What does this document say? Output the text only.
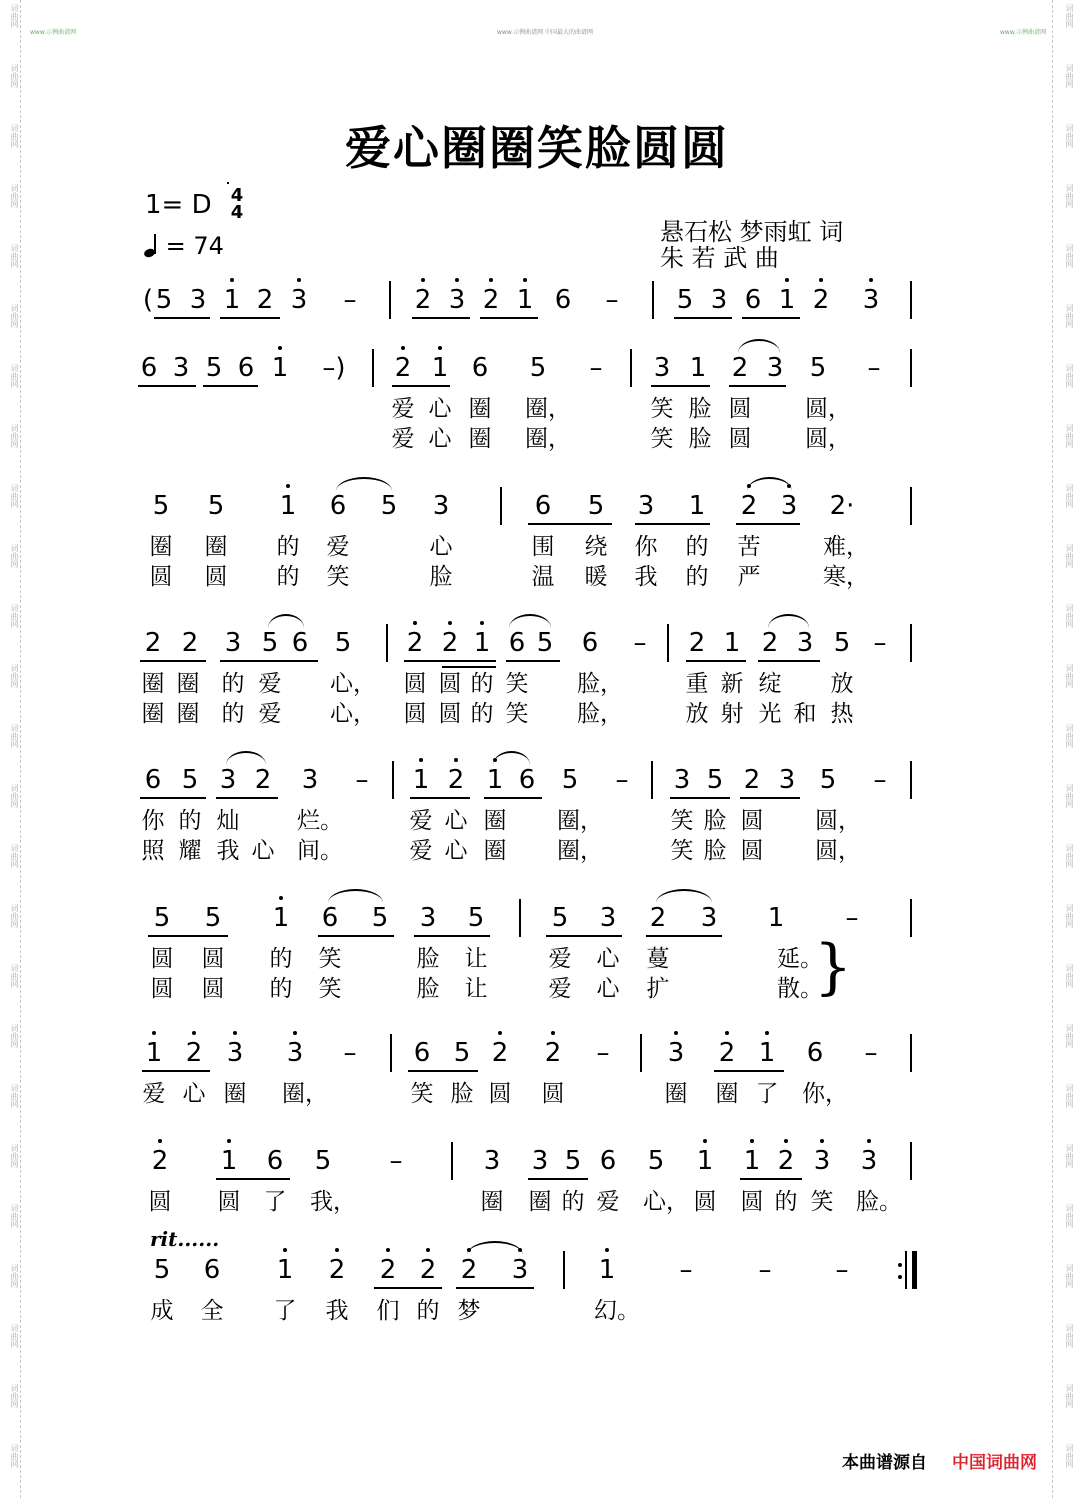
词曲网
词曲网
词曲网
词曲网
词曲网
词曲网
词曲网
词曲网
词曲网
词曲网
词曲网
词曲网
词曲网
词曲网
词曲网
词曲网
词曲网
词曲网
词曲网
词曲网
词曲网
词曲网
词曲网
词曲网
词曲网
词曲网
词曲网
词曲网
词曲网
词曲网
词曲网
词曲网
词曲网
词曲网
词曲网
词曲网
词曲网
词曲网
词曲网
词曲网
词曲网
词曲网
词曲网
词曲网
词曲网
词曲网
词曲网
词曲网
词曲网
词曲网
www.示例曲谱网	www.示例曲谱网 中国最大的曲谱网	www.示例曲谱网
爱心圈圈笑脸圆圆
1= D 4
4
= 74	悬石松 梦雨虹 词
朱 若 武 曲
( 5 3 1 2 3 – 2 3 2 1 6 – 5 3 6 1 2 3
6 3 5 6 1	–)	2 1 6 5 – 3 1 2 3 5 –
爱 心 圈 圈，	笑 脸 圆 圆，
爱 心 圈 圈，	笑 脸 圆 圆，
5 5 1 6 5 3	6 5 3 1 2 3 2·
圈 圈 的 爱	心	围 绕 你 的 苦	难，
圆 圆 的 笑	脸	温 暖 我 的 严	寒，
2 2 3 5 6 5 2 2 1 6 5 6 – 2 1 2 3 5 –
圈 圈 的 爱 心， 圆 圆 的 笑 脸，	重 新 绽 放
圈 圈 的 爱 心， 圆 圆 的 笑 脸，	放 射 光 和 热
6 5 3 2 3 – 1 2 1 6 5 – 3 5 2 3 5 –
你 的 灿	烂。	爱 心 圈 圈，	笑 脸 圆 圆，
照 耀 我 心 间。	爱 心 圈 圈，	笑 脸 圆 圆，
5 5 1 6 5 3 5	5 3 2 3 1 –
圆 圆 的 笑	脸 让	爱 心 蔓	延。
圆 圆 的 笑	脸 让	爱 心 扩	散。
}
1 2 3 3 – 6 5 2 2 – 3 2 1 6 –
爱 心 圈 圈，	笑 脸 圆 圆	圈 圈 了 你，
2 1 6 5 –	3 3 5 6 5 1 1 2 3 3
圆 圆 了 我，	圈 圈 的 爱 心， 圆 圆 的 笑 脸。
5 6 1 2 2 2 2 3	1 –	– –
成 全 了 我 们 的 梦	幻。
rit......
本曲谱源自 中国词曲网
